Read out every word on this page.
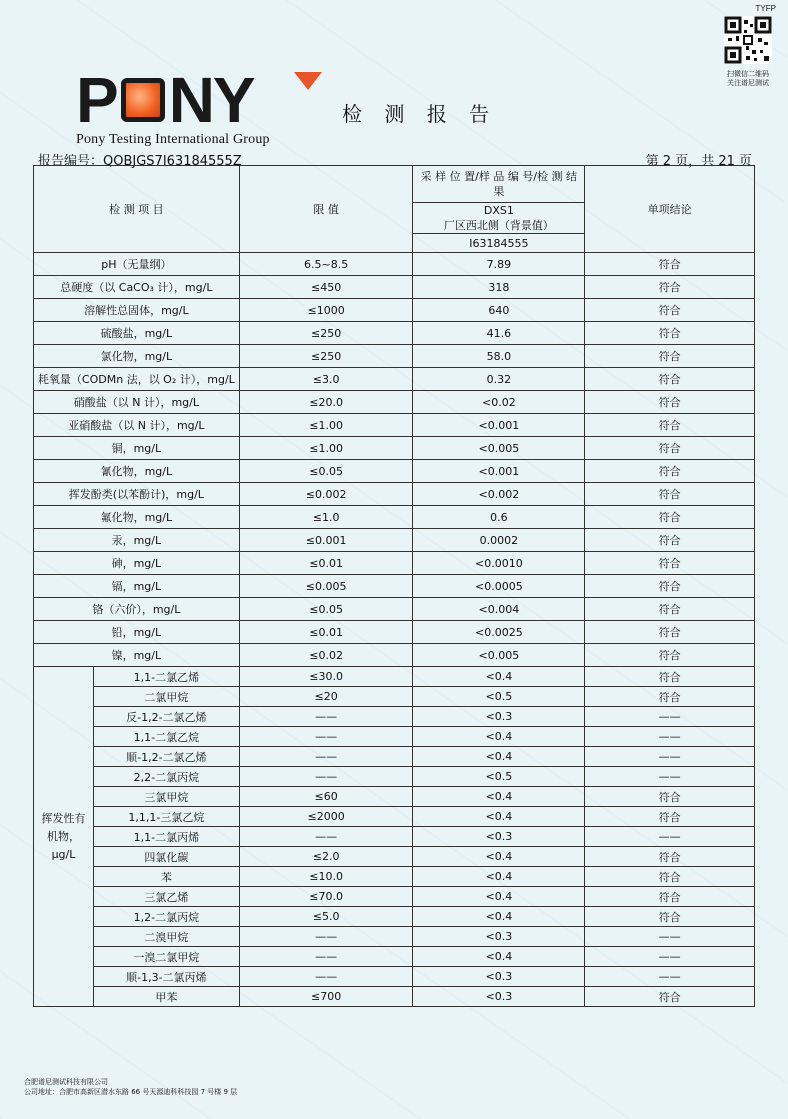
TYFP
扫微信二维码
关注谱尼测试
P NY
Pony Testing International Group
检 测 报 告
报告编号：QOBJGS7I63184555Z	第 2 页，共 21 页
检 测 项 目		限 值	采 样 位 置/样 品 编 号/检 测 结 果	单项结论
			DXS1	
			厂区西北侧（背景值）	
			I63184555	
pH（无量纲）		6.5~8.5	7.89	符合
总硬度（以 CaCO₃ 计），mg/L		≤450	318	符合
溶解性总固体，mg/L		≤1000	640	符合
硫酸盐，mg/L		≤250	41.6	符合
氯化物，mg/L		≤250	58.0	符合
耗氧量（CODMn 法，以 O₂ 计），mg/L		≤3.0	0.32	符合
硝酸盐（以 N 计），mg/L		≤20.0	<0.02	符合
亚硝酸盐（以 N 计），mg/L		≤1.00	<0.001	符合
铜，mg/L		≤1.00	<0.005	符合
氰化物，mg/L		≤0.05	<0.001	符合
挥发酚类(以苯酚计)，mg/L		≤0.002	<0.002	符合
氟化物，mg/L		≤1.0	0.6	符合
汞，mg/L		≤0.001	0.0002	符合
砷，mg/L		≤0.01	<0.0010	符合
镉，mg/L		≤0.005	<0.0005	符合
铬（六价），mg/L		≤0.05	<0.004	符合
铅，mg/L		≤0.01	<0.0025	符合
镍，mg/L		≤0.02	<0.005	符合
挥发性有机物，μg/L	1,1-二氯乙烯	≤30.0	<0.4	符合
	二氯甲烷	≤20	<0.5	符合
	反-1,2-二氯乙烯	——	<0.3	——
	1,1-二氯乙烷	——	<0.4	——
	顺-1,2-二氯乙烯	——	<0.4	——
	2,2-二氯丙烷	——	<0.5	——
	三氯甲烷	≤60	<0.4	符合
	1,1,1-三氯乙烷	≤2000	<0.4	符合
	1,1-二氯丙烯	——	<0.3	——
	四氯化碳	≤2.0	<0.4	符合
	苯	≤10.0	<0.4	符合
	三氯乙烯	≤70.0	<0.4	符合
	1,2-二氯丙烷	≤5.0	<0.4	符合
	二溴甲烷	——	<0.3	——
	一溴二氯甲烷	——	<0.4	——
	顺-1,3-二氯丙烯	——	<0.3	——
	甲苯	≤700	<0.3	符合
合肥谱尼测试科技有限公司
公司地址：合肥市高新区潜水东路 66 号天源迪科科技园 7 号楼 9 层
